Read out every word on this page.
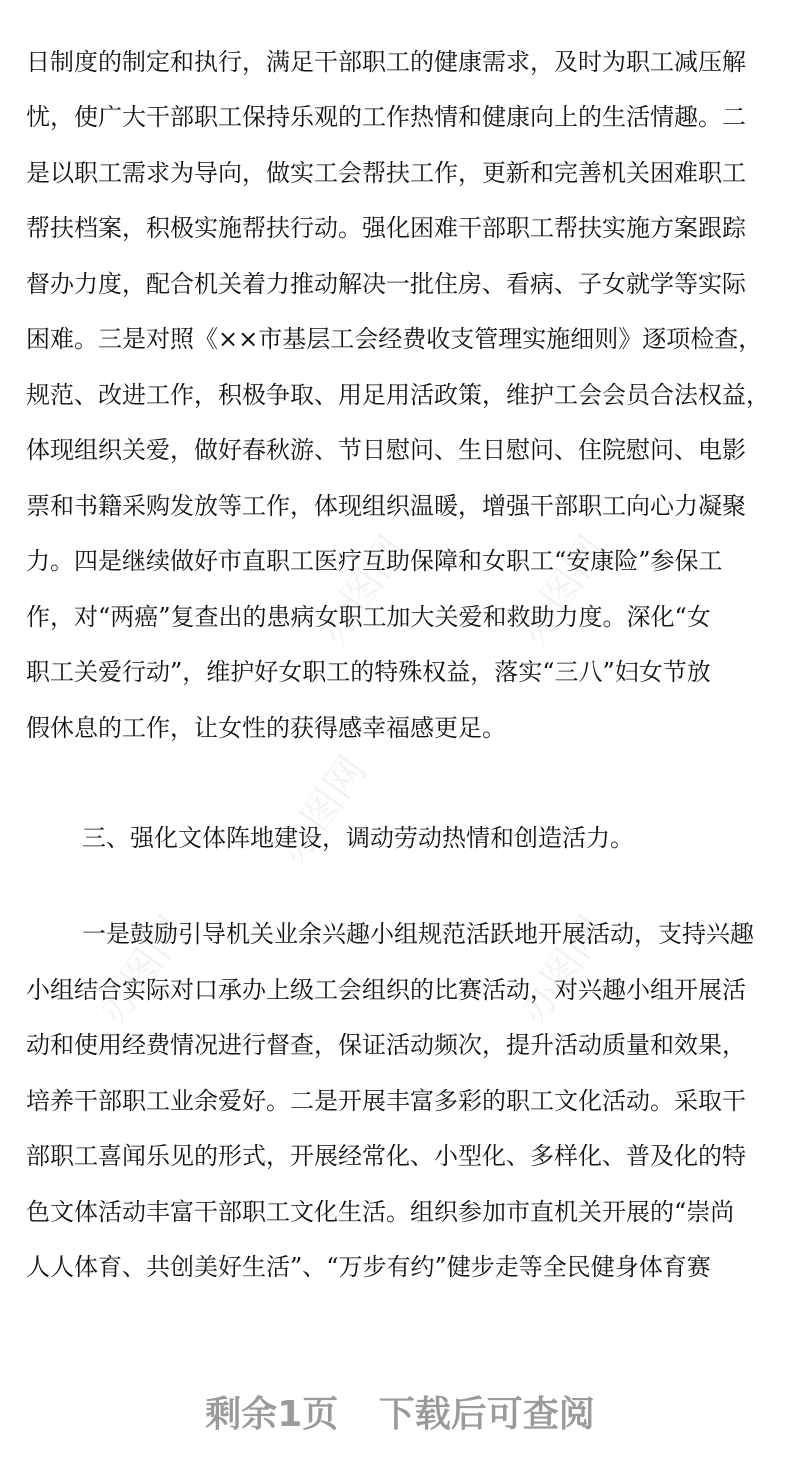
办图网 办图网
办图网
办图网	办图网
日制度的制定和执行，满足干部职工的健康需求，及时为职工减压解
忧，使广大干部职工保持乐观的工作热情和健康向上的生活情趣。二
是以职工需求为导向，做实工会帮扶工作，更新和完善机关困难职工
帮扶档案，积极实施帮扶行动。强化困难干部职工帮扶实施方案跟踪
督办力度，配合机关着力推动解决一批住房、看病、子女就学等实际
困难。三是对照《××市基层工会经费收支管理实施细则》逐项检查，
规范、改进工作，积极争取、用足用活政策，维护工会会员合法权益，
体现组织关爱，做好春秋游、节日慰问、生日慰问、住院慰问、电影
票和书籍采购发放等工作，体现组织温暖，增强干部职工向心力凝聚
力。四是继续做好市直职工医疗互助保障和女职工“安康险”参保工
作，对“两癌”复查出的患病女职工加大关爱和救助力度。深化“女
职工关爱行动”，维护好女职工的特殊权益，落实“三八”妇女节放
假休息的工作，让女性的获得感幸福感更足。
三、强化文体阵地建设，调动劳动热情和创造活力。
一是鼓励引导机关业余兴趣小组规范活跃地开展活动，支持兴趣
小组结合实际对口承办上级工会组织的比赛活动，对兴趣小组开展活
动和使用经费情况进行督查，保证活动频次，提升活动质量和效果，
培养干部职工业余爱好。二是开展丰富多彩的职工文化活动。采取干
部职工喜闻乐见的形式，开展经常化、小型化、多样化、普及化的特
色文体活动丰富干部职工文化生活。组织参加市直机关开展的“崇尚
人人体育、共创美好生活”、“万步有约”健步走等全民健身体育赛
剩余1页 下载后可查阅
